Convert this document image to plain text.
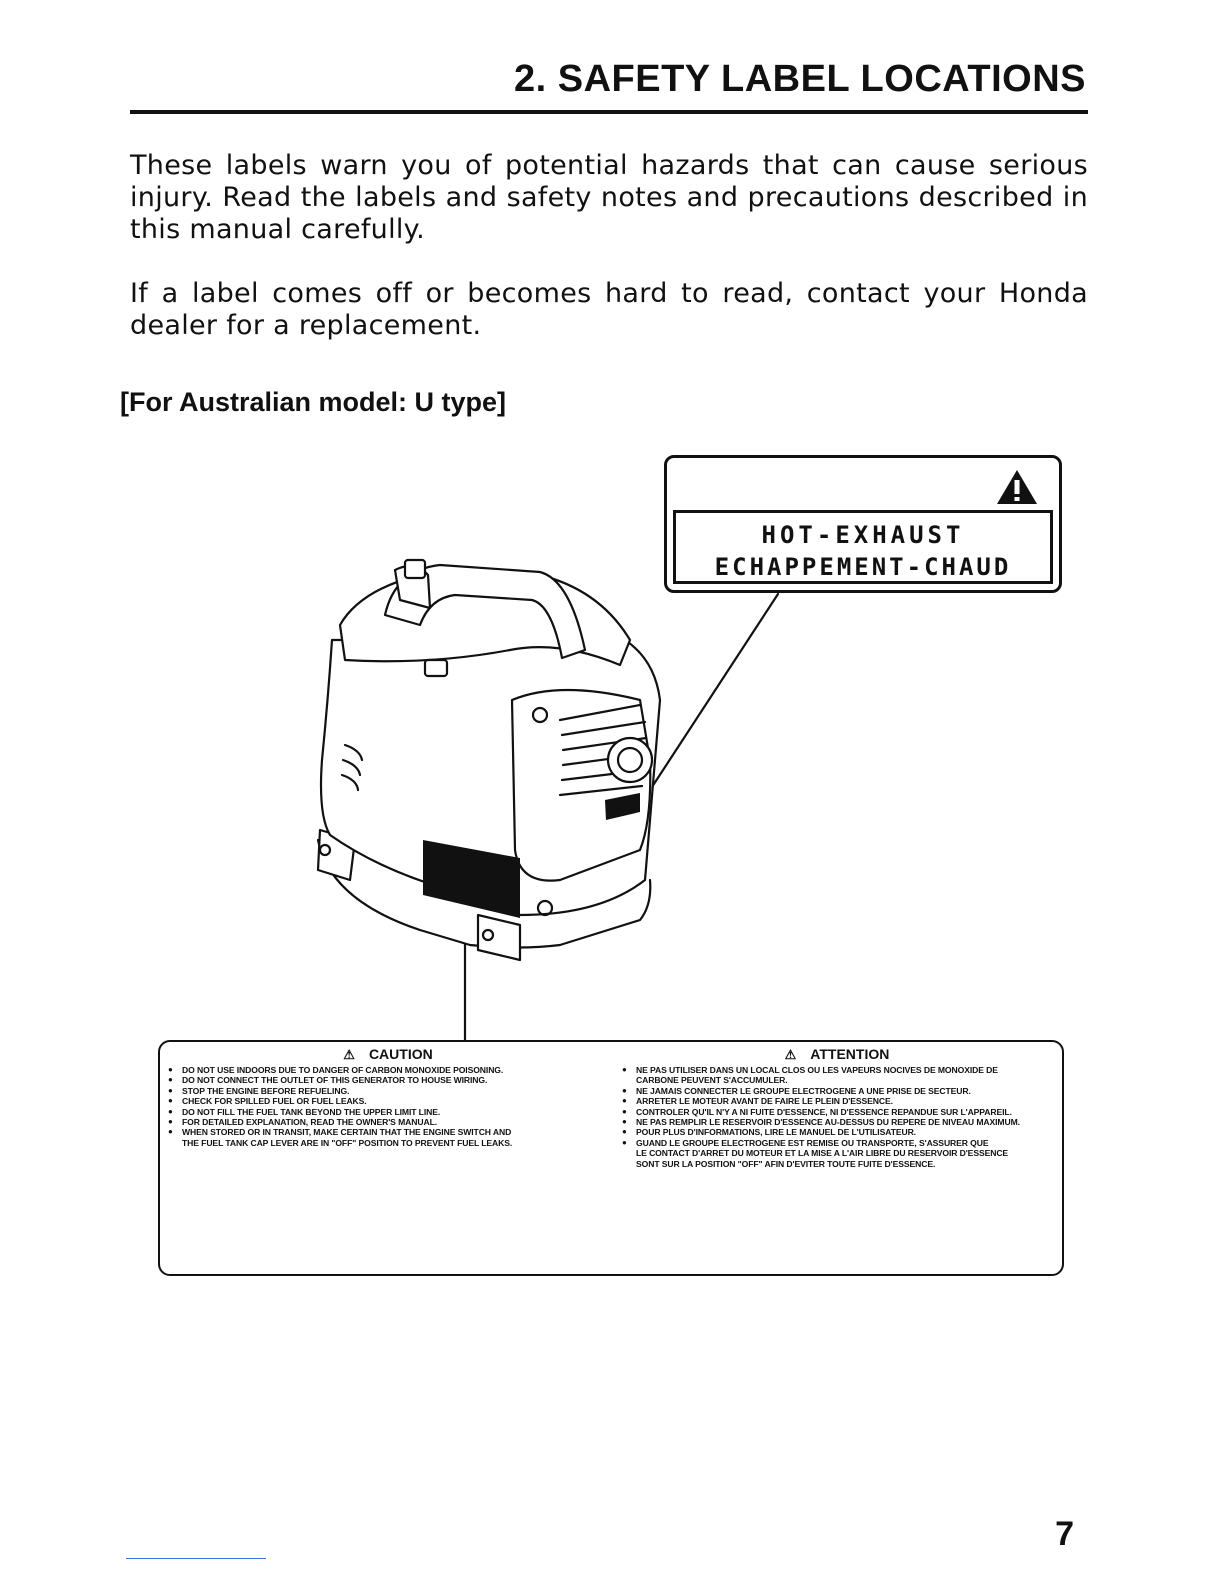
2. SAFETY LABEL LOCATIONS
These labels warn you of potential hazards that can cause serious injury. Read the labels and safety notes and precautions described in this manual carefully.
If a label comes off or becomes hard to read, contact your Honda dealer for a replacement.
[For Australian model: U type]
HOT-EXHAUST
ECHAPPEMENT-CHAUD
⚠ CAUTION
● DO NOT USE INDOORS DUE TO DANGER OF CARBON MONOXIDE POISONING.
● DO NOT CONNECT THE OUTLET OF THIS GENERATOR TO HOUSE WIRING.
● STOP THE ENGINE BEFORE REFUELING.
● CHECK FOR SPILLED FUEL OR FUEL LEAKS.
● DO NOT FILL THE FUEL TANK BEYOND THE UPPER LIMIT LINE.
● FOR DETAILED EXPLANATION, READ THE OWNER'S MANUAL.
● WHEN STORED OR IN TRANSIT, MAKE CERTAIN THAT THE ENGINE SWITCH AND
THE FUEL TANK CAP LEVER ARE IN "OFF" POSITION TO PREVENT FUEL LEAKS.
⚠ ATTENTION
● NE PAS UTILISER DANS UN LOCAL CLOS OU LES VAPEURS NOCIVES DE MONOXIDE DE
CARBONE PEUVENT S'ACCUMULER.
● NE JAMAIS CONNECTER LE GROUPE ELECTROGENE A UNE PRISE DE SECTEUR.
● ARRETER LE MOTEUR AVANT DE FAIRE LE PLEIN D'ESSENCE.
● CONTROLER QU'IL N'Y A NI FUITE D'ESSENCE, NI D'ESSENCE REPANDUE SUR L'APPAREIL.
● NE PAS REMPLIR LE RESERVOIR D'ESSENCE AU-DESSUS DU REPERE DE NIVEAU MAXIMUM.
● POUR PLUS D'INFORMATIONS, LIRE LE MANUEL DE L'UTILISATEUR.
● GUAND LE GROUPE ELECTROGENE EST REMISE OU TRANSPORTE, S'ASSURER QUE
LE CONTACT D'ARRET DU MOTEUR ET LA MISE A L'AIR LIBRE DU RESERVOIR D'ESSENCE
SONT SUR LA POSITION "OFF" AFIN D'EVITER TOUTE FUITE D'ESSENCE.
7
